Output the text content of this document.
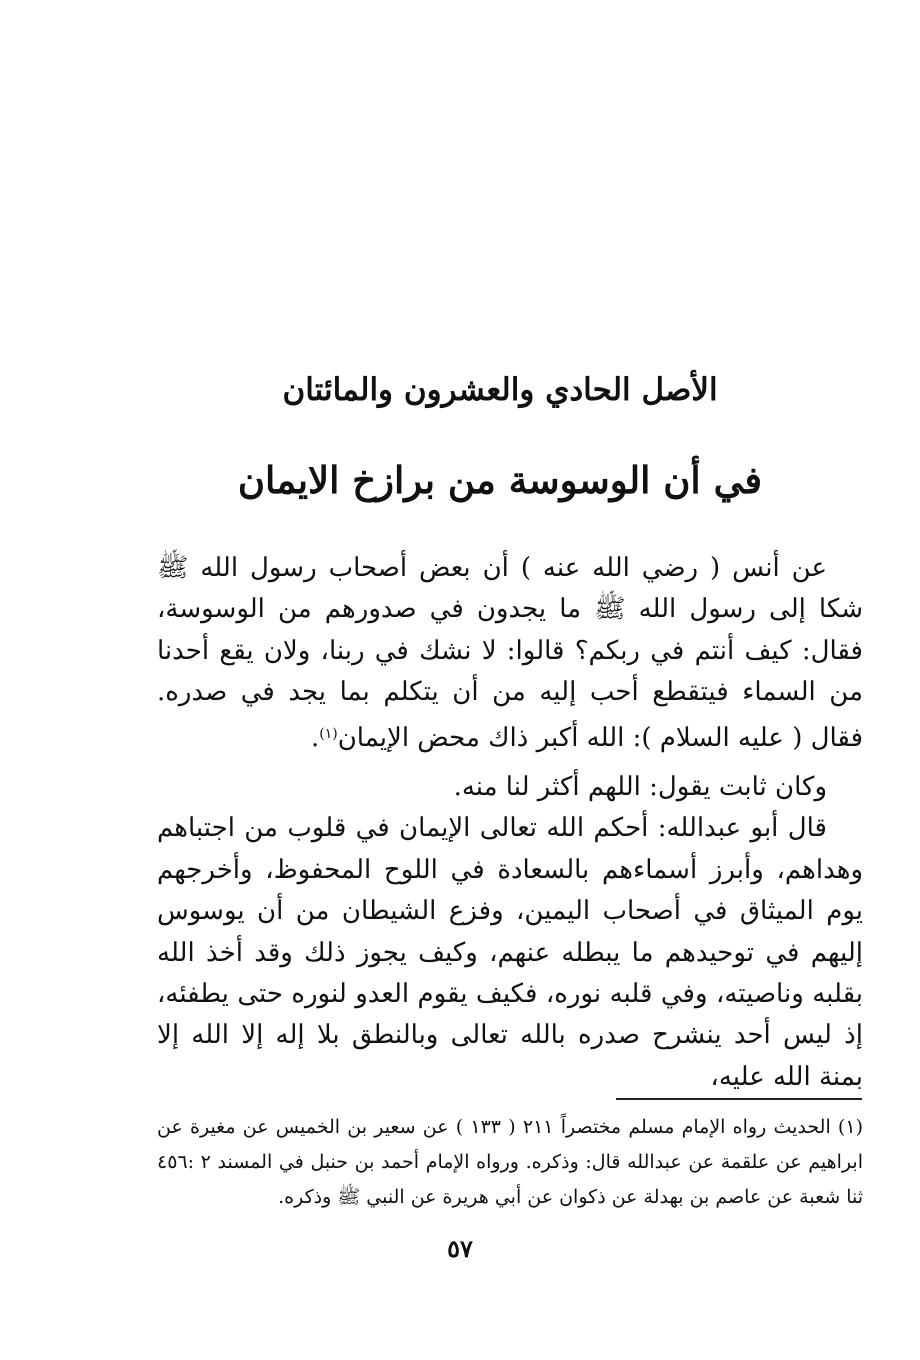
الأصل الحادي والعشرون والمائتان
في أن الوسوسة من برازخ الايمان

عن أنس ( رضي الله عنه ) أن بعض أصحاب رسول الله ﷺ شكا إلى رسول الله ﷺ ما يجدون في صدورهم من الوسوسة، فقال: كيف أنتم في ربكم؟ قالوا: لا نشك في ربنا، ولان يقع أحدنا من السماء فيتقطع أحب إليه من أن يتكلم بما يجد في صدره. فقال ( عليه السلام ): الله أكبر ذاك محض الإيمان$^{(١)}$.

وكان ثابت يقول: اللهم أكثر لنا منه.

قال أبو عبدالله: أحكم الله تعالى الإيمان في قلوب من اجتباهم وهداهم، وأبرز أسماءهم بالسعادة في اللوح المحفوظ، وأخرجهم يوم الميثاق في أصحاب اليمين، وفزع الشيطان من أن يوسوس إليهم في توحيدهم ما يبطله عنهم، وكيف يجوز ذلك وقد أخذ الله بقلبه وناصيته، وفي قلبه نوره، فكيف يقوم العدو لنوره حتى يطفئه، إذ ليس أحد ينشرح صدره بالله تعالى وبالنطق بلا إله إلا الله إلا بمنة الله عليه،

(١) الحديث رواه الإمام مسلم مختصراً ٢١١ ( ١٣٣ ) عن سعير بن الخميس عن مغيرة عن ابراهيم عن علقمة عن عبدالله قال: وذكره. ورواه الإمام أحمد بن حنبل في المسند ٢ :٤٥٦ ثنا شعبة عن عاصم بن بهدلة عن ذكوان عن أبي هريرة عن النبي ﷺ وذكره.

٥٧
